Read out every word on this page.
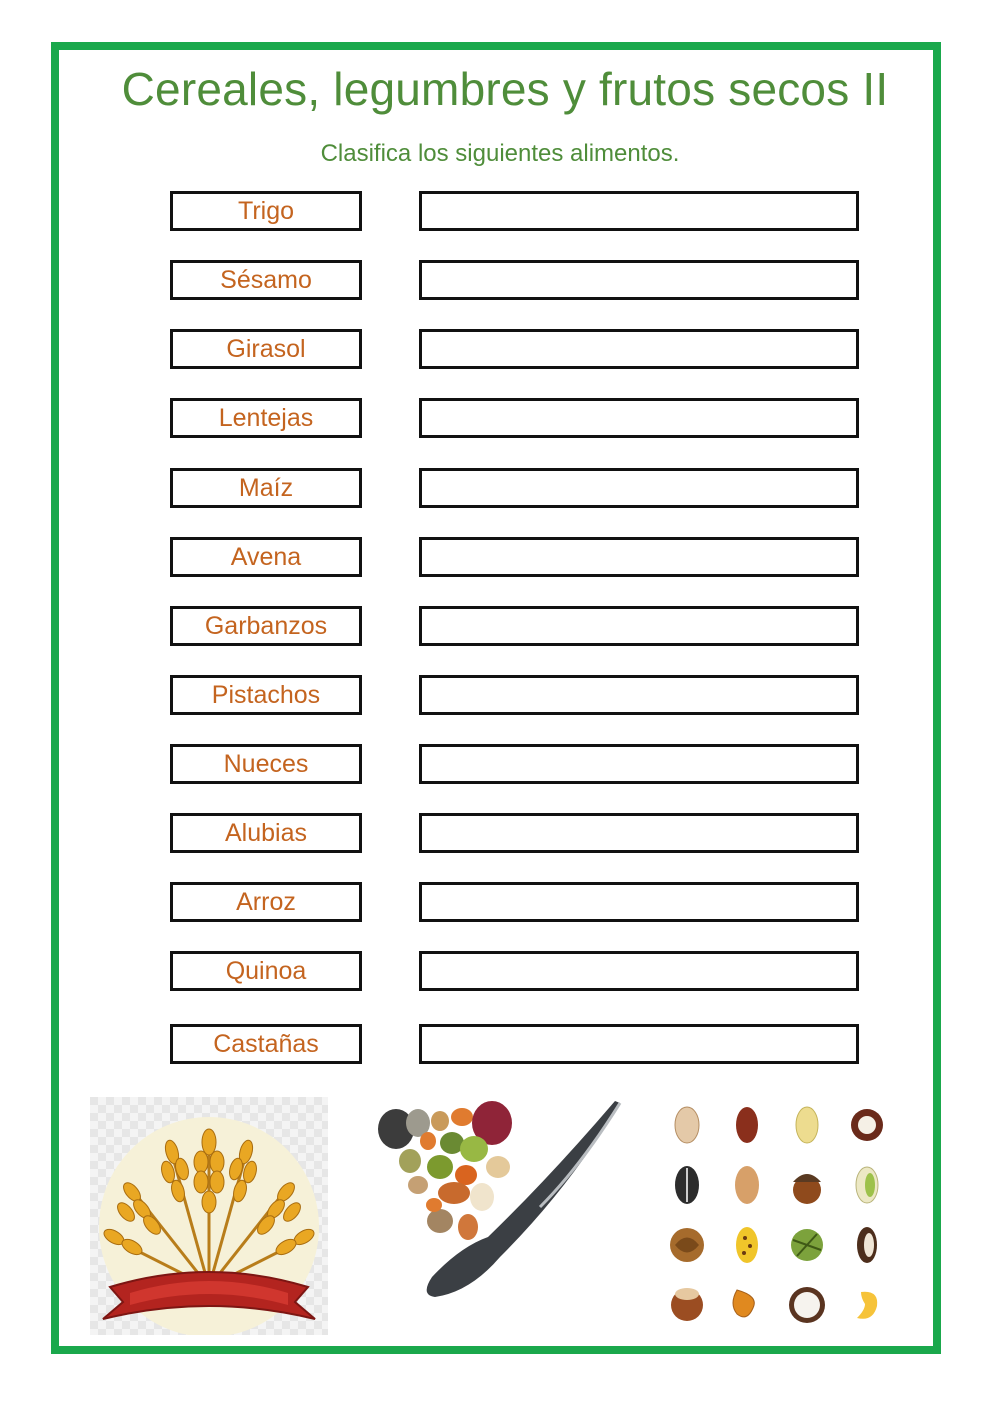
Cereales, legumbres y frutos secos II
Clasifica los siguientes alimentos.
Trigo
Sésamo
Girasol
Lentejas
Maíz
Avena
Garbanzos
Pistachos
Nueces
Alubias
Arroz
Quinoa
Castañas
